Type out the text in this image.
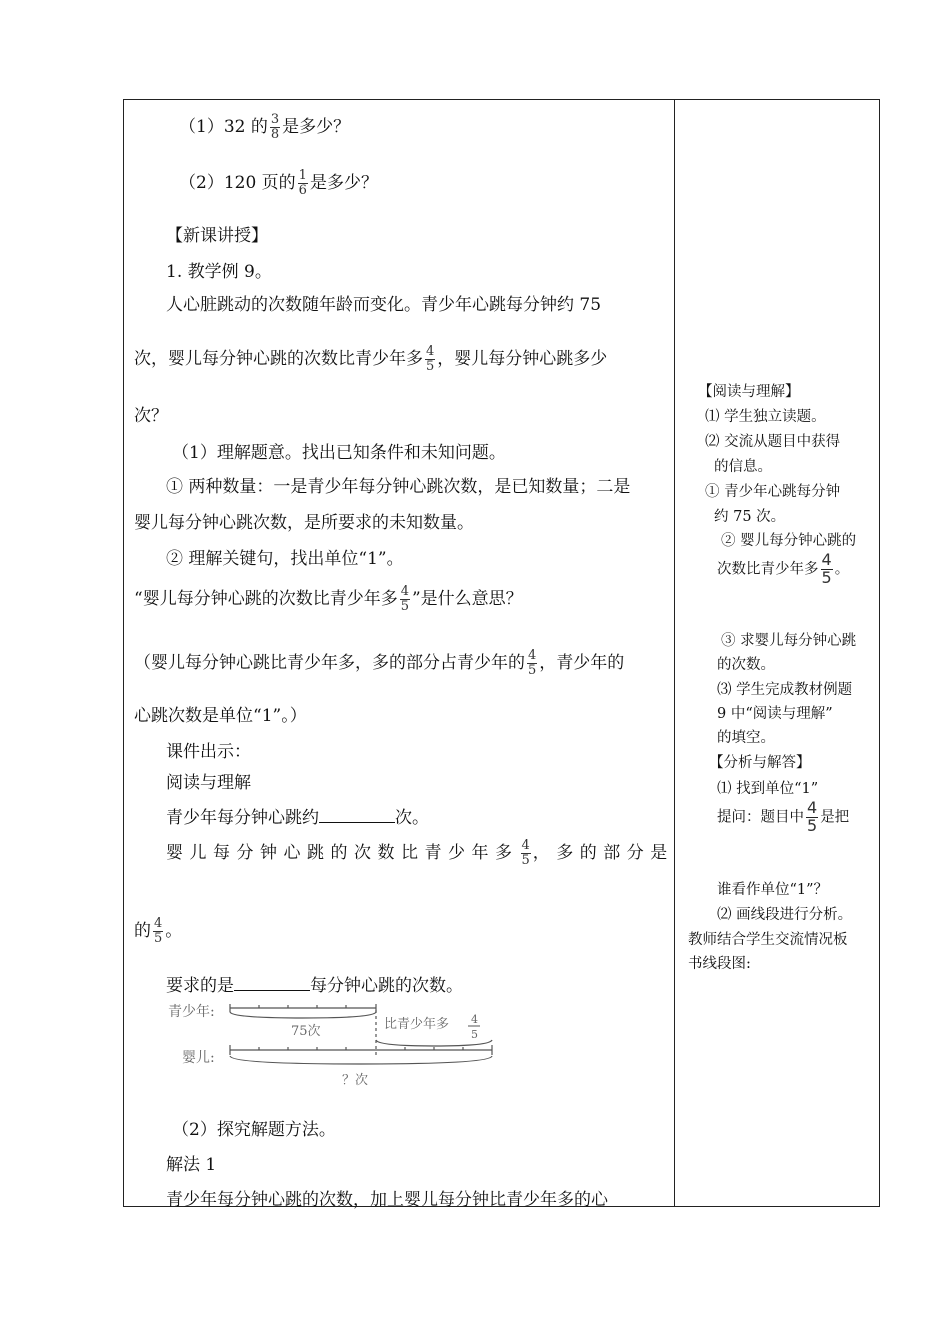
（1）32 的 $\frac{3}{8}$ 是多少？
（2）120 页的 $\frac{1}{6}$ 是多少？
【新课讲授】
1. 教学例 9。
人心脏跳动的次数随年龄而变化。青少年心跳每分钟约 75
次，婴儿每分钟心跳的次数比青少年多 $\frac{4}{5}$ ，婴儿每分钟心跳多少
次？
（1）理解题意。找出已知条件和未知问题。
① 两种数量：一是青少年每分钟心跳次数，是已知数量；二是
婴儿每分钟心跳次数，是所要求的未知数量。
② 理解关键句，找出单位“1”。
“婴儿每分钟心跳的次数比青少年多 $\frac{4}{5}$ ”是什么意思？
（婴儿每分钟心跳比青少年多，多的部分占青少年的 $\frac{4}{5}$ ，青少年的
心跳次数是单位“1”。）
课件出示：
阅读与理解
青少年每分钟心跳约	次。
婴儿每分钟心跳的次数比青少年多 $\frac{4}{5}$ ，多的部分是
的 $\frac{4}{5}$ 。
要求的是	每分钟心跳的次数。
青少年:
75次	比青少年多 4
5
婴儿:
？次
（2）探究解题方法。
解法 1
青少年每分钟心跳的次数，加上婴儿每分钟比青少年多的心
【阅读与理解】
⑴ 学生独立读题。
⑵ 交流从题目中获得
的信息。
① 青少年心跳每分钟
约 75 次。
② 婴儿每分钟心跳的
次数比青少年多 $\frac{4}{5}$ 。
③ 求婴儿每分钟心跳
的次数。
⑶ 学生完成教材例题
9 中“阅读与理解”
的填空。
【分析与解答】
⑴ 找到单位“1”
提问：题目中 $\frac{4}{5}$ 是把
谁看作单位“1”？
⑵ 画线段进行分析。
教师结合学生交流情况板
书线段图:
